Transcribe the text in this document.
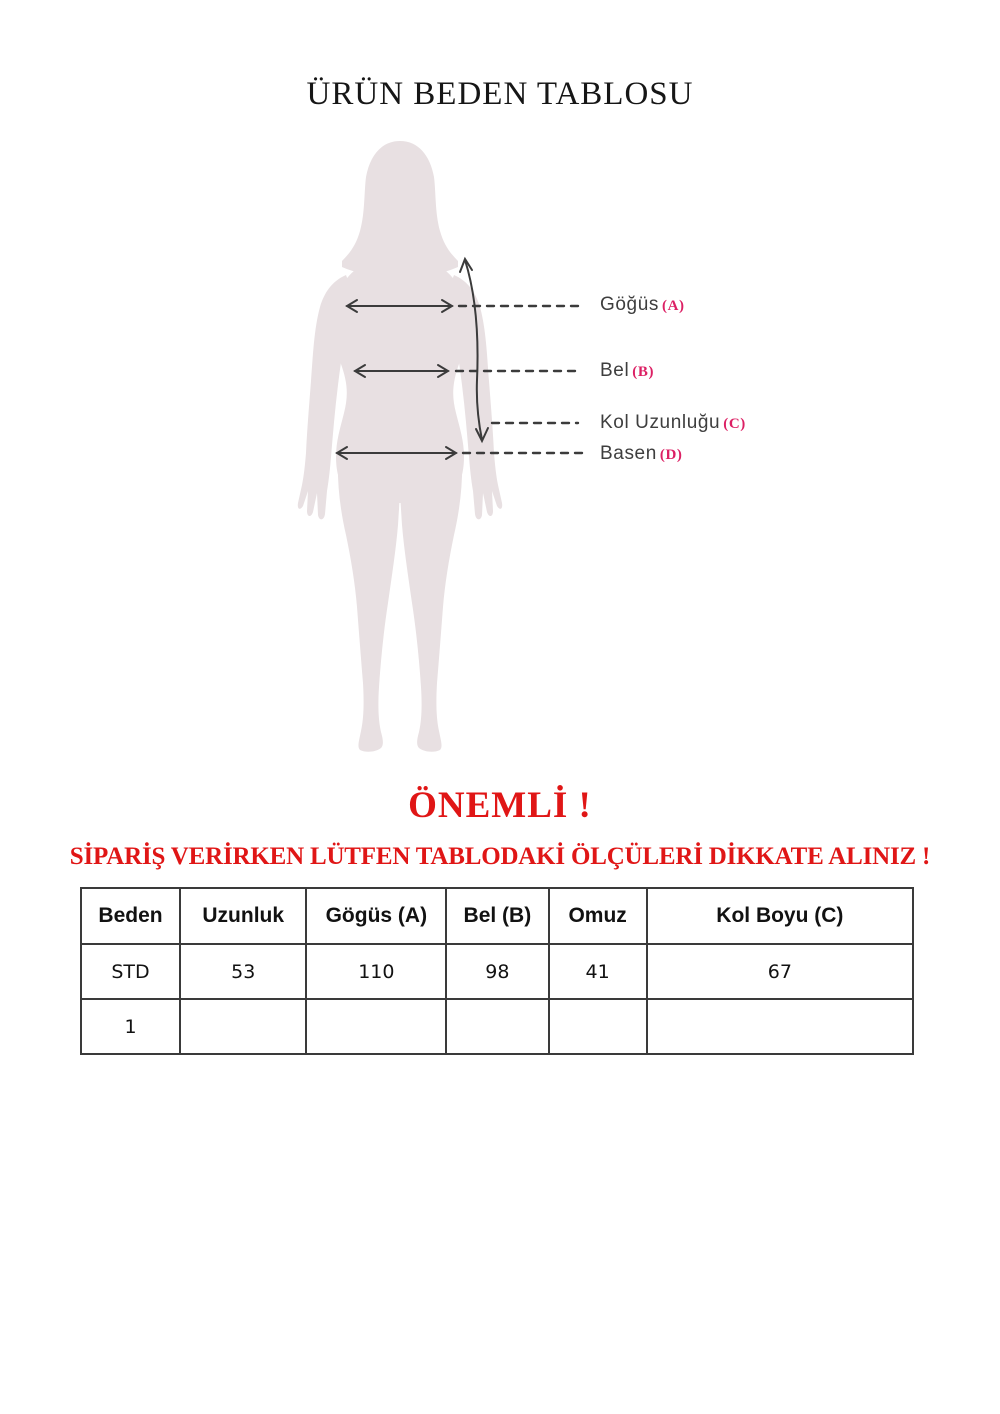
ÜRÜN BEDEN TABLOSU
Göğüs (A)
Bel (B)
Kol Uzunluğu (C)
Basen (D)
ÖNEMLİ !
SİPARİŞ VERİRKEN LÜTFEN TABLODAKİ ÖLÇÜLERİ DİKKATE ALINIZ !
Beden	Uzunluk	Gögüs (A)	Bel (B)	Omuz	Kol Boyu (C)
STD	53	110	98	41	67
1					
